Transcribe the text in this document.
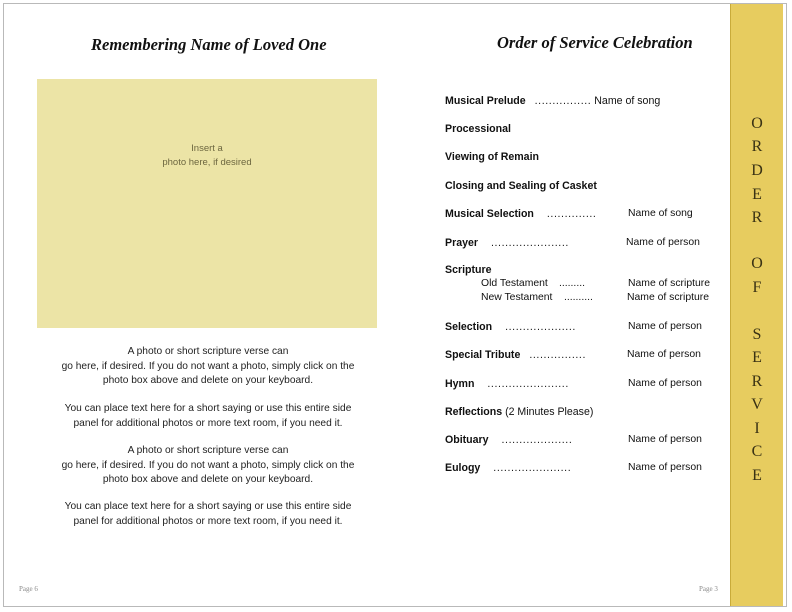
Remembering Name of Loved One
Insert a
photo here, if desired
A photo or short scripture verse can
go here, if desired. If you do not want a photo, simply click on the
photo box above and delete on your keyboard.
You can place text here for a short saying or use this entire side
panel for additional photos or more text room, if you need it.
A photo or short scripture verse can
go here, if desired. If you do not want a photo, simply click on the
photo box above and delete on your keyboard.
You can place text here for a short saying or use this entire side
panel for additional photos or more text room, if you need it.
Page 6
Order of Service Celebration
Musical Prelude ................ Name of song
Processional
Viewing of Remain
Closing and Sealing of Casket
Musical Selection ..............	Name of song
Prayer ......................	Name of person
Scripture
Old Testament .........	Name of scripture
New Testament ..........	Name of scripture
Selection ....................	Name of person
Special Tribute ................	Name of person
Hymn .......................	Name of person
Reflections (2 Minutes Please)
Obituary ....................	Name of person
Eulogy ......................	Name of person
Page 3
O
R
D
E
R
O
F
S
E
R
V
I
C
E
